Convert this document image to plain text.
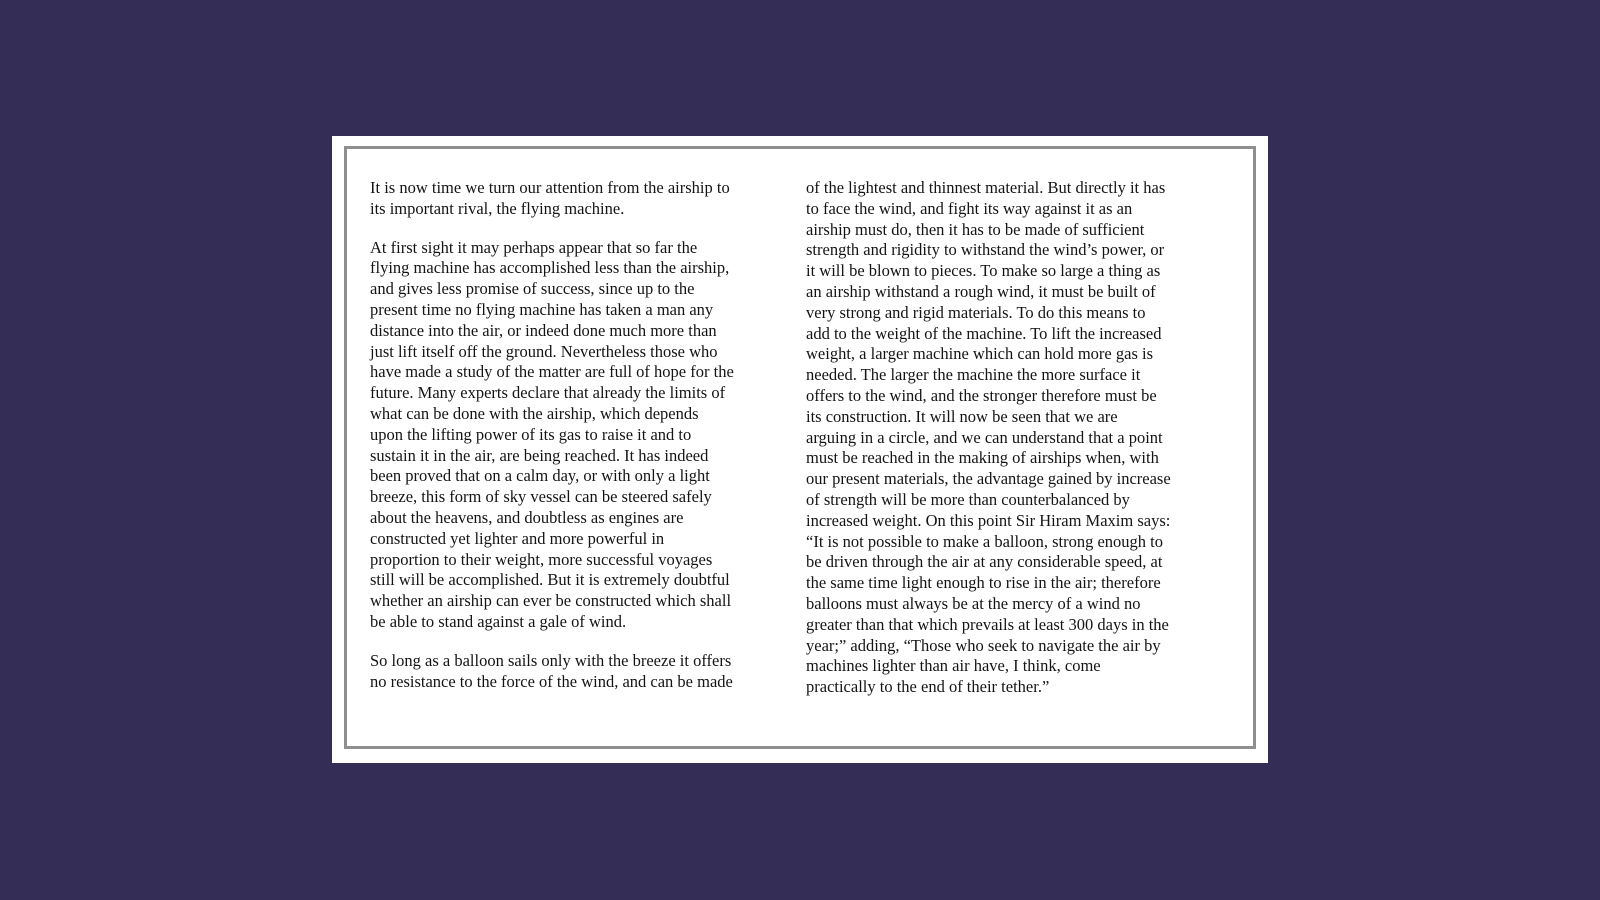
It is now time we turn our attention from the airship to
its important rival, the flying machine.

At first sight it may perhaps appear that so far the
flying machine has accomplished less than the airship,
and gives less promise of success, since up to the
present time no flying machine has taken a man any
distance into the air, or indeed done much more than
just lift itself off the ground. Nevertheless those who
have made a study of the matter are full of hope for the
future. Many experts declare that already the limits of
what can be done with the airship, which depends
upon the lifting power of its gas to raise it and to
sustain it in the air, are being reached. It has indeed
been proved that on a calm day, or with only a light
breeze, this form of sky vessel can be steered safely
about the heavens, and doubtless as engines are
constructed yet lighter and more powerful in
proportion to their weight, more successful voyages
still will be accomplished. But it is extremely doubtful
whether an airship can ever be constructed which shall
be able to stand against a gale of wind.

So long as a balloon sails only with the breeze it offers
no resistance to the force of the wind, and can be made

of the lightest and thinnest material. But directly it has
to face the wind, and fight its way against it as an
airship must do, then it has to be made of sufficient
strength and rigidity to withstand the wind’s power, or
it will be blown to pieces. To make so large a thing as
an airship withstand a rough wind, it must be built of
very strong and rigid materials. To do this means to
add to the weight of the machine. To lift the increased
weight, a larger machine which can hold more gas is
needed. The larger the machine the more surface it
offers to the wind, and the stronger therefore must be
its construction. It will now be seen that we are
arguing in a circle, and we can understand that a point
must be reached in the making of airships when, with
our present materials, the advantage gained by increase
of strength will be more than counterbalanced by
increased weight. On this point Sir Hiram Maxim says:
“It is not possible to make a balloon, strong enough to
be driven through the air at any considerable speed, at
the same time light enough to rise in the air; therefore
balloons must always be at the mercy of a wind no
greater than that which prevails at least 300 days in the
year;” adding, “Those who seek to navigate the air by
machines lighter than air have, I think, come
practically to the end of their tether.”
